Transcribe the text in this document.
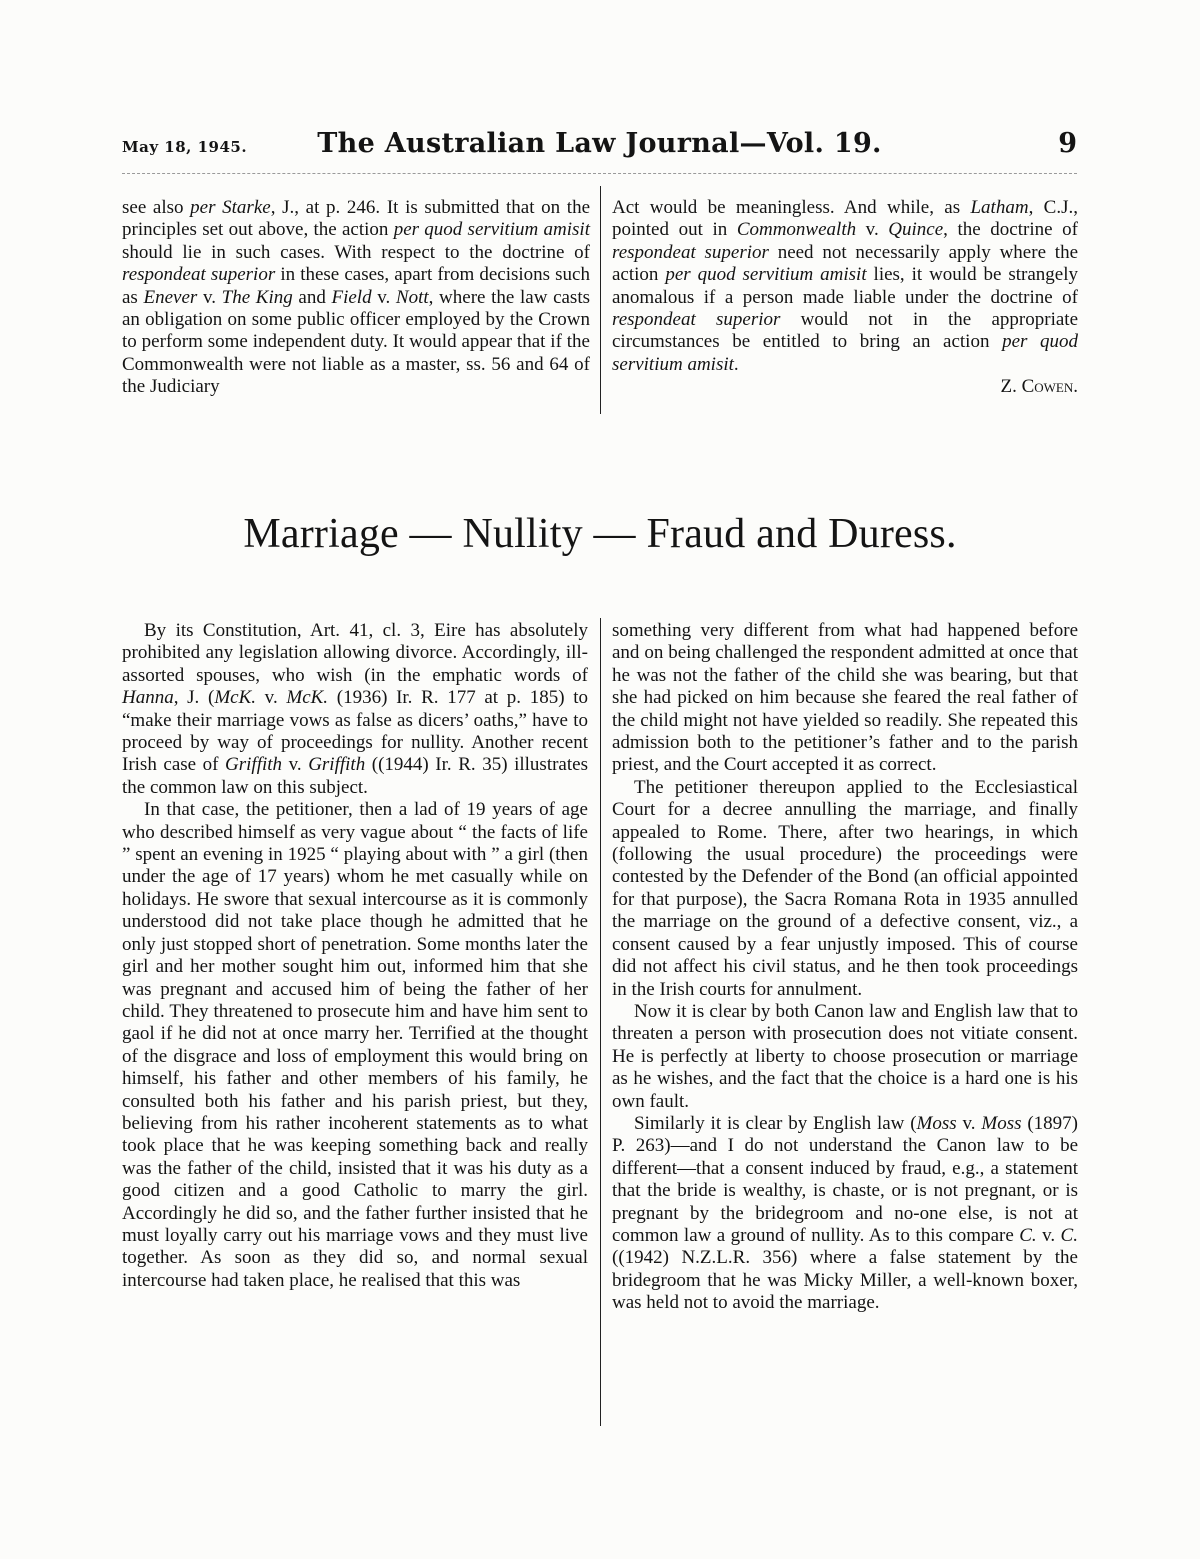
May 18, 1945.	The Australian Law Journal—Vol. 19.	9

see also per Starke, J., at p. 246. It is submitted that on the principles set out above, the action per quod servitium amisit should lie in such cases. With respect to the doctrine of respondeat superior in these cases, apart from decisions such as Enever v. The King and Field v. Nott, where the law casts an obligation on some public officer employed by the Crown to perform some independent duty. It would appear that if the Commonwealth were not liable as a master, ss. 56 and 64 of the Judiciary

Act would be meaningless. And while, as Latham, C.J., pointed out in Commonwealth v. Quince, the doctrine of respondeat superior need not necessarily apply where the action per quod servitium amisit lies, it would be strangely anomalous if a person made liable under the doctrine of respondeat superior would not in the appropriate circumstances be entitled to bring an action per quod servitium amisit.

Z. Cowen.

Marriage — Nullity — Fraud and Duress.

By its Constitution, Art. 41, cl. 3, Eire has absolutely prohibited any legislation allowing divorce. Accordingly, ill-assorted spouses, who wish (in the emphatic words of Hanna, J. (McK. v. McK. (1936) Ir. R. 177 at p. 185) to “make their marriage vows as false as dicers’ oaths,” have to proceed by way of proceedings for nullity. Another recent Irish case of Griffith v. Griffith ((1944) Ir. R. 35) illustrates the common law on this subject.

In that case, the petitioner, then a lad of 19 years of age who described himself as very vague about “ the facts of life ” spent an evening in 1925 “ playing about with ” a girl (then under the age of 17 years) whom he met casually while on holidays. He swore that sexual intercourse as it is commonly understood did not take place though he admitted that he only just stopped short of penetration. Some months later the girl and her mother sought him out, informed him that she was pregnant and accused him of being the father of her child. They threatened to prosecute him and have him sent to gaol if he did not at once marry her. Terrified at the thought of the disgrace and loss of employment this would bring on himself, his father and other members of his family, he consulted both his father and his parish priest, but they, believing from his rather incoherent statements as to what took place that he was keeping something back and really was the father of the child, insisted that it was his duty as a good citizen and a good Catholic to marry the girl. Accordingly he did so, and the father further insisted that he must loyally carry out his marriage vows and they must live together. As soon as they did so, and normal sexual intercourse had taken place, he realised that this was

something very different from what had happened before and on being challenged the respondent admitted at once that he was not the father of the child she was bearing, but that she had picked on him because she feared the real father of the child might not have yielded so readily. She repeated this admission both to the petitioner’s father and to the parish priest, and the Court accepted it as correct.

The petitioner thereupon applied to the Ecclesiastical Court for a decree annulling the marriage, and finally appealed to Rome. There, after two hearings, in which (following the usual procedure) the proceedings were contested by the Defender of the Bond (an official appointed for that purpose), the Sacra Romana Rota in 1935 annulled the marriage on the ground of a defective consent, viz., a consent caused by a fear unjustly imposed. This of course did not affect his civil status, and he then took proceedings in the Irish courts for annulment.

Now it is clear by both Canon law and English law that to threaten a person with prosecution does not vitiate consent. He is perfectly at liberty to choose prosecution or marriage as he wishes, and the fact that the choice is a hard one is his own fault.

Similarly it is clear by English law (Moss v. Moss (1897) P. 263)—and I do not understand the Canon law to be different—that a consent induced by fraud, e.g., a statement that the bride is wealthy, is chaste, or is not pregnant, or is pregnant by the bridegroom and no-one else, is not at common law a ground of nullity. As to this compare C. v. C. ((1942) N.Z.L.R. 356) where a false statement by the bridegroom that he was Micky Miller, a well-known boxer, was held not to avoid the marriage.
